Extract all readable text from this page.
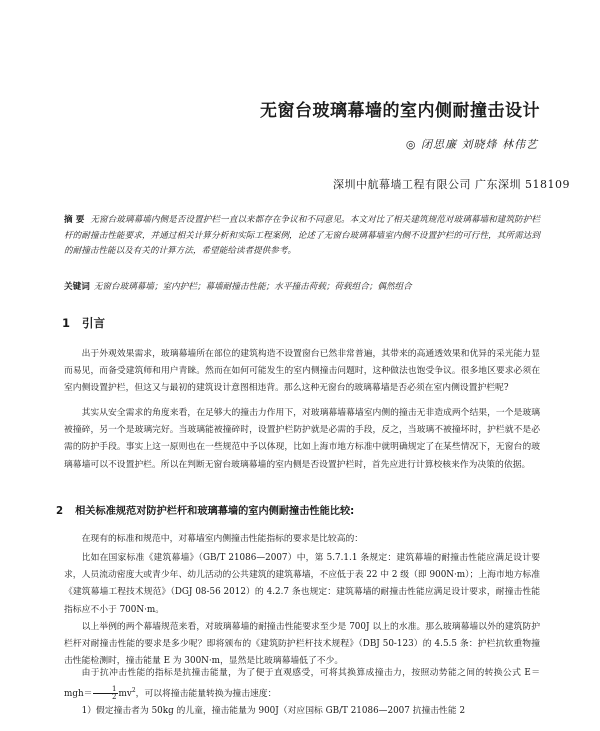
无窗台玻璃幕墙的室内侧耐撞击设计
◎ 闭思廉 刘晓烽 林伟艺
深圳中航幕墙工程有限公司 广东深圳 518109
摘 要 无窗台玻璃幕墙内侧是否设置护栏一直以来都存在争议和不同意见。本文对比了相关建筑规范对玻璃幕墙和建筑防护栏杆的耐撞击性能要求，并通过相关计算分析和实际工程案例，论述了无窗台玻璃幕墙室内侧不设置护栏的可行性，其所需达到的耐撞击性能以及有关的计算方法，希望能给读者提供参考。
关键词 无窗台玻璃幕墙；室内护栏；幕墙耐撞击性能；水平撞击荷载；荷载组合；偶然组合
1 引言
出于外观效果需求，玻璃幕墙所在部位的建筑构造不设置窗台已然非常普遍，其带来的高通透效果和优异的采光能力显而易见，而备受建筑师和用户青睐。然而在如何可能发生的室内侧撞击问题时，这种做法也饱受争议。很多地区要求必须在室内侧设置护栏，但这又与最初的建筑设计意图相违背。那么这种无窗台的玻璃幕墙是否必须在室内侧设置护栏呢?
其实从安全需求的角度来看，在足够大的撞击力作用下，对玻璃幕墙幕墙室内侧的撞击无非造成两个结果，一个是玻璃被撞碎，另一个是玻璃完好。当玻璃能被撞碎时，设置护栏防护就是必需的手段，反之，当玻璃不被撞坏时，护栏就不是必需的防护手段。事实上这一原则也在一些规范中予以体现，比如上海市地方标准中就明确规定了在某些情况下，无窗台的玻璃幕墙可以不设置护栏。所以在判断无窗台玻璃幕墙的室内侧是否设置护栏时，首先应进行计算校核来作为决策的依据。
2 相关标准规范对防护栏杆和玻璃幕墙的室内侧耐撞击性能比较:
在现有的标准和规范中，对幕墙室内侧撞击性能指标的要求是比较高的：
比如在国家标准《建筑幕墙》（GB/T 21086—2007）中，第 5.7.1.1 条规定：建筑幕墙的耐撞击性能应满足设计要求，人员流动密度大或青少年、幼儿活动的公共建筑的建筑幕墙，不应低于表 22 中 2 级（即 900N·m）；上海市地方标准《建筑幕墙工程技术规范》（DGJ 08-56 2012）的 4.2.7 条也规定：建筑幕墙的耐撞击性能应满足设计要求，耐撞击性能指标应不小于 700N·m。
以上举例的两个幕墙规范来看，对玻璃幕墙的耐撞击性能要求至少是 700J 以上的水准。那么玻璃幕墙以外的建筑防护栏杆对耐撞击性能的要求是多少呢？即将颁布的《建筑防护栏杆技术规程》（DBJ 50-123）的 4.5.5 条：护栏抗软重物撞击性能检测时，撞击能量 E 为 300N·m，显然是比玻璃幕墙低了不少。
由于抗冲击性能的指标是抗撞击能量，为了便于直观感受，可将其换算成撞击力，按照动势能之间的转换公式 $E=mgh= \frac{1}{2} mv^2$，可以将撞击能量转换为撞击速度：
1）假定撞击者为 50kg 的儿童，撞击能量为 900J（对应国标 GB/T 21086—2007 抗撞击性能 2
